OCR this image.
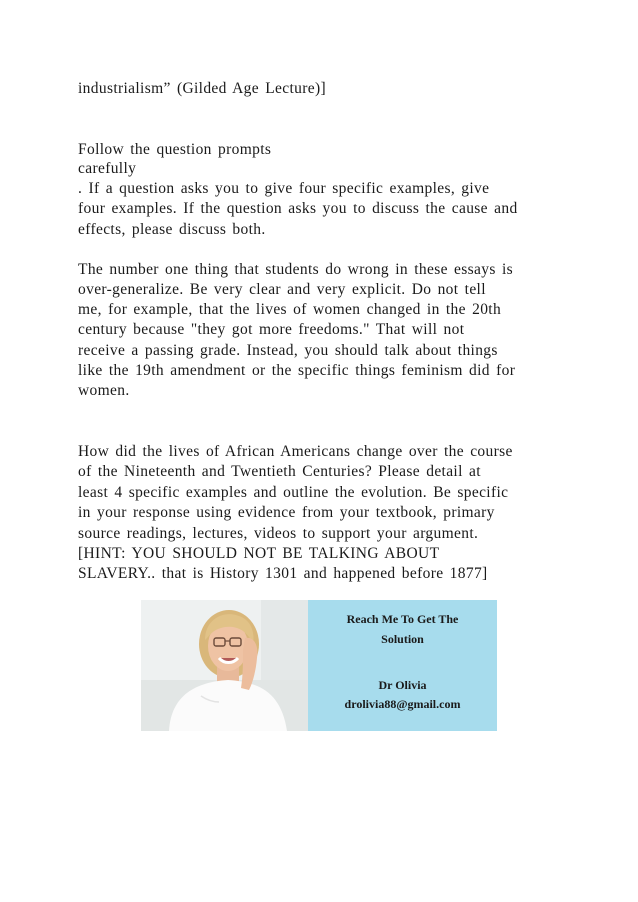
industrialism” (Gilded Age Lecture)]
Follow the question prompts
carefully
. If a question asks you to give four specific examples, give
four examples. If the question asks you to discuss the cause and
effects, please discuss both.
The number one thing that students do wrong in these essays is
over-generalize. Be very clear and very explicit. Do not tell
me, for example, that the lives of women changed in the 20th
century because "they got more freedoms." That will not
receive a passing grade. Instead, you should talk about things
like the 19th amendment or the specific things feminism did for
women.
How did the lives of African Americans change over the course
of the Nineteenth and Twentieth Centuries? Please detail at
least 4 specific examples and outline the evolution. Be specific
in your response using evidence from your textbook, primary
source readings, lectures, videos to support your argument.
[HINT: YOU SHOULD NOT BE TALKING ABOUT
SLAVERY.. that is History 1301 and happened before 1877]
Reach Me To Get The
Solution
Dr Olivia
drolivia88@gmail.com
